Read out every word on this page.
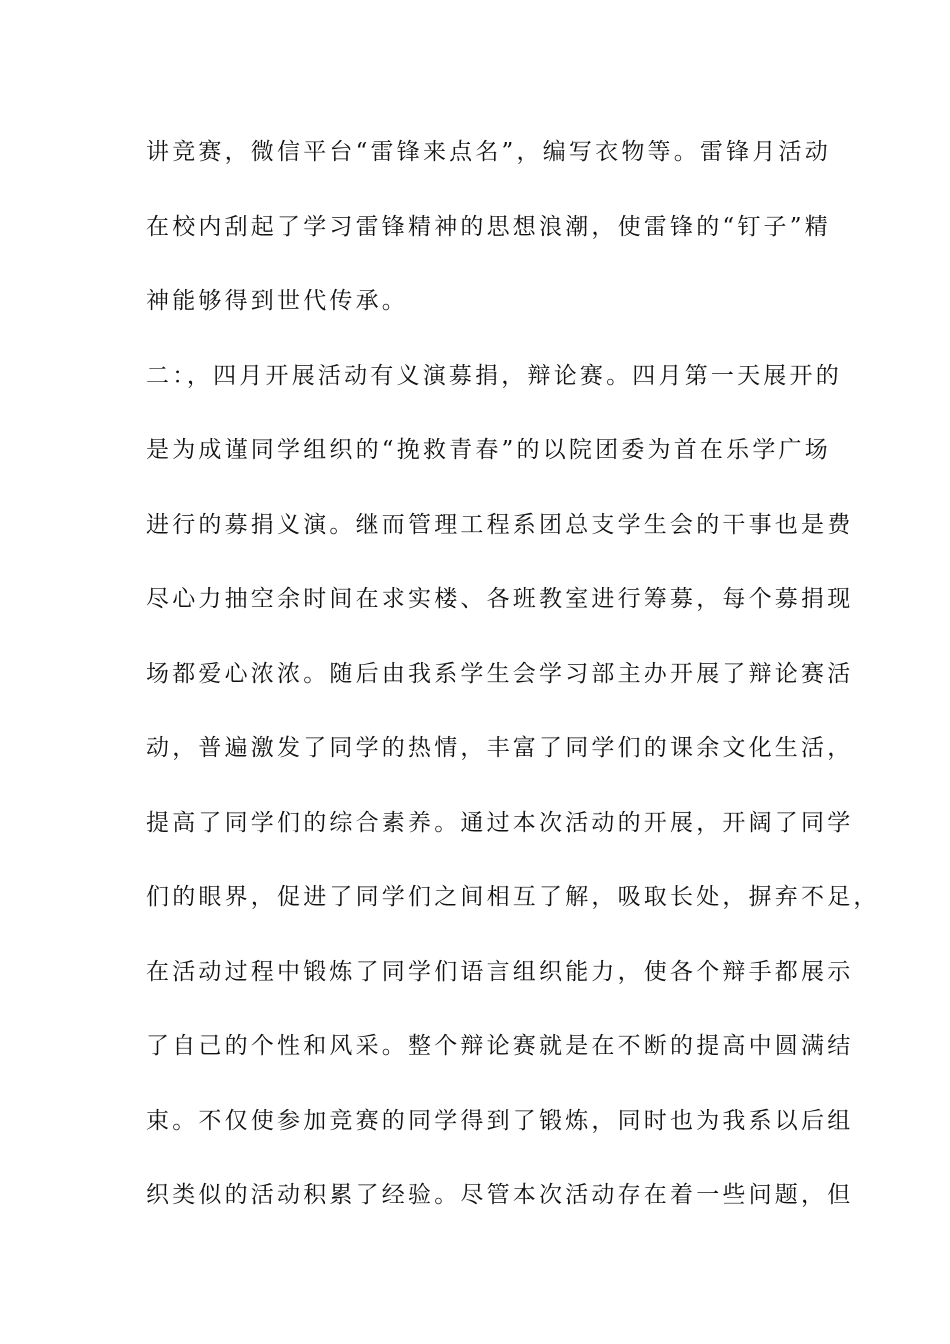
讲竞赛，微信平台“雷锋来点名”，编写衣物等。雷锋月活动

在校内刮起了学习雷锋精神的思想浪潮，使雷锋的“钉子”精

神能够得到世代传承。

二：，四月开展活动有义演募捐，辩论赛。四月第一天展开的

是为成谨同学组织的“挽救青春”的以院团委为首在乐学广场

进行的募捐义演。继而管理工程系团总支学生会的干事也是费

尽心力抽空余时间在求实楼、各班教室进行筹募，每个募捐现

场都爱心浓浓。随后由我系学生会学习部主办开展了辩论赛活

动，普遍激发了同学的热情，丰富了同学们的课余文化生活，

提高了同学们的综合素养。通过本次活动的开展，开阔了同学

们的眼界，促进了同学们之间相互了解，吸取长处，摒弃不足，

在活动过程中锻炼了同学们语言组织能力，使各个辩手都展示

了自己的个性和风采。整个辩论赛就是在不断的提高中圆满结

束。不仅使参加竞赛的同学得到了锻炼，同时也为我系以后组

织类似的活动积累了经验。尽管本次活动存在着一些问题，但
